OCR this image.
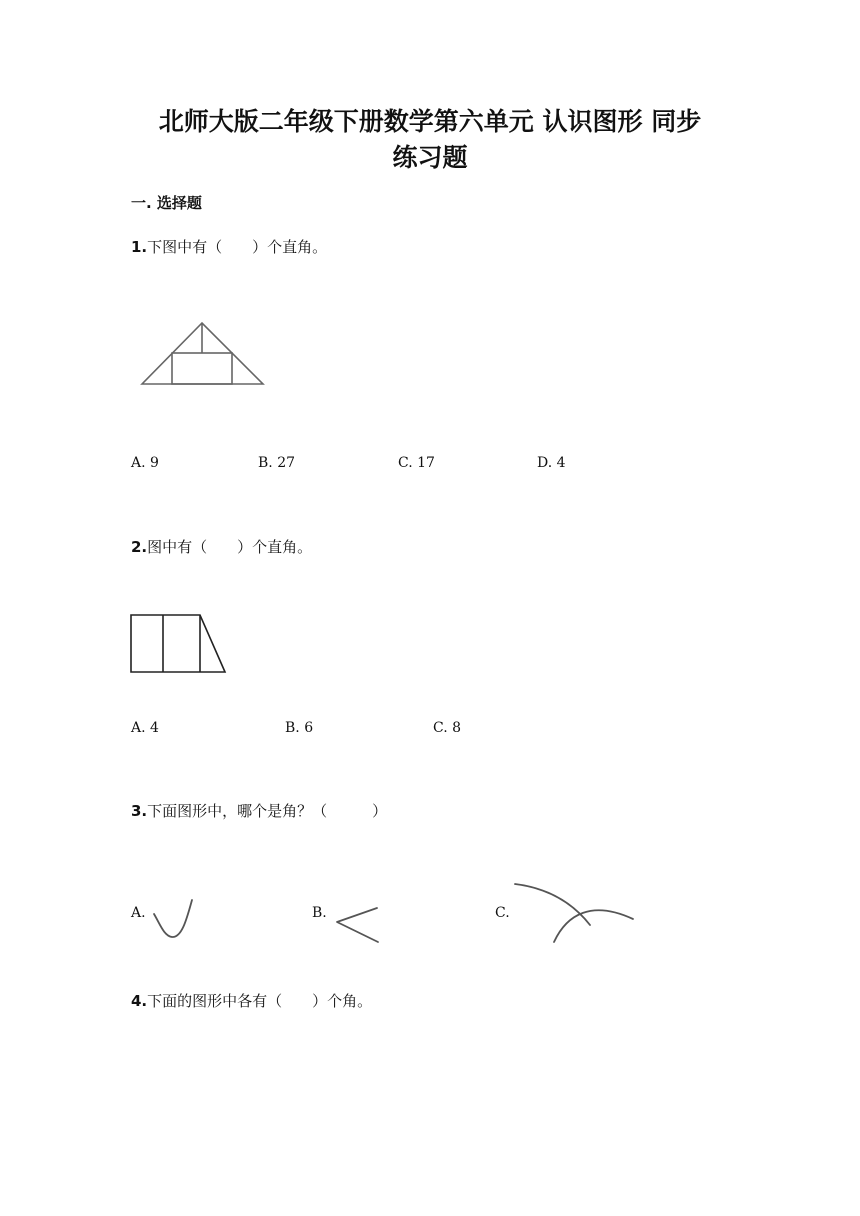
北师大版二年级下册数学第六单元 认识图形 同步
练习题
一. 选择题
1.下图中有（　　）个直角。
A. 9	B. 27	C. 17	D. 4
2.图中有（　　）个直角。
A. 4	B. 6	C. 8
3.下面图形中，哪个是角？（　　　）
A.	B.	C.
4.下面的图形中各有（　　）个角。
